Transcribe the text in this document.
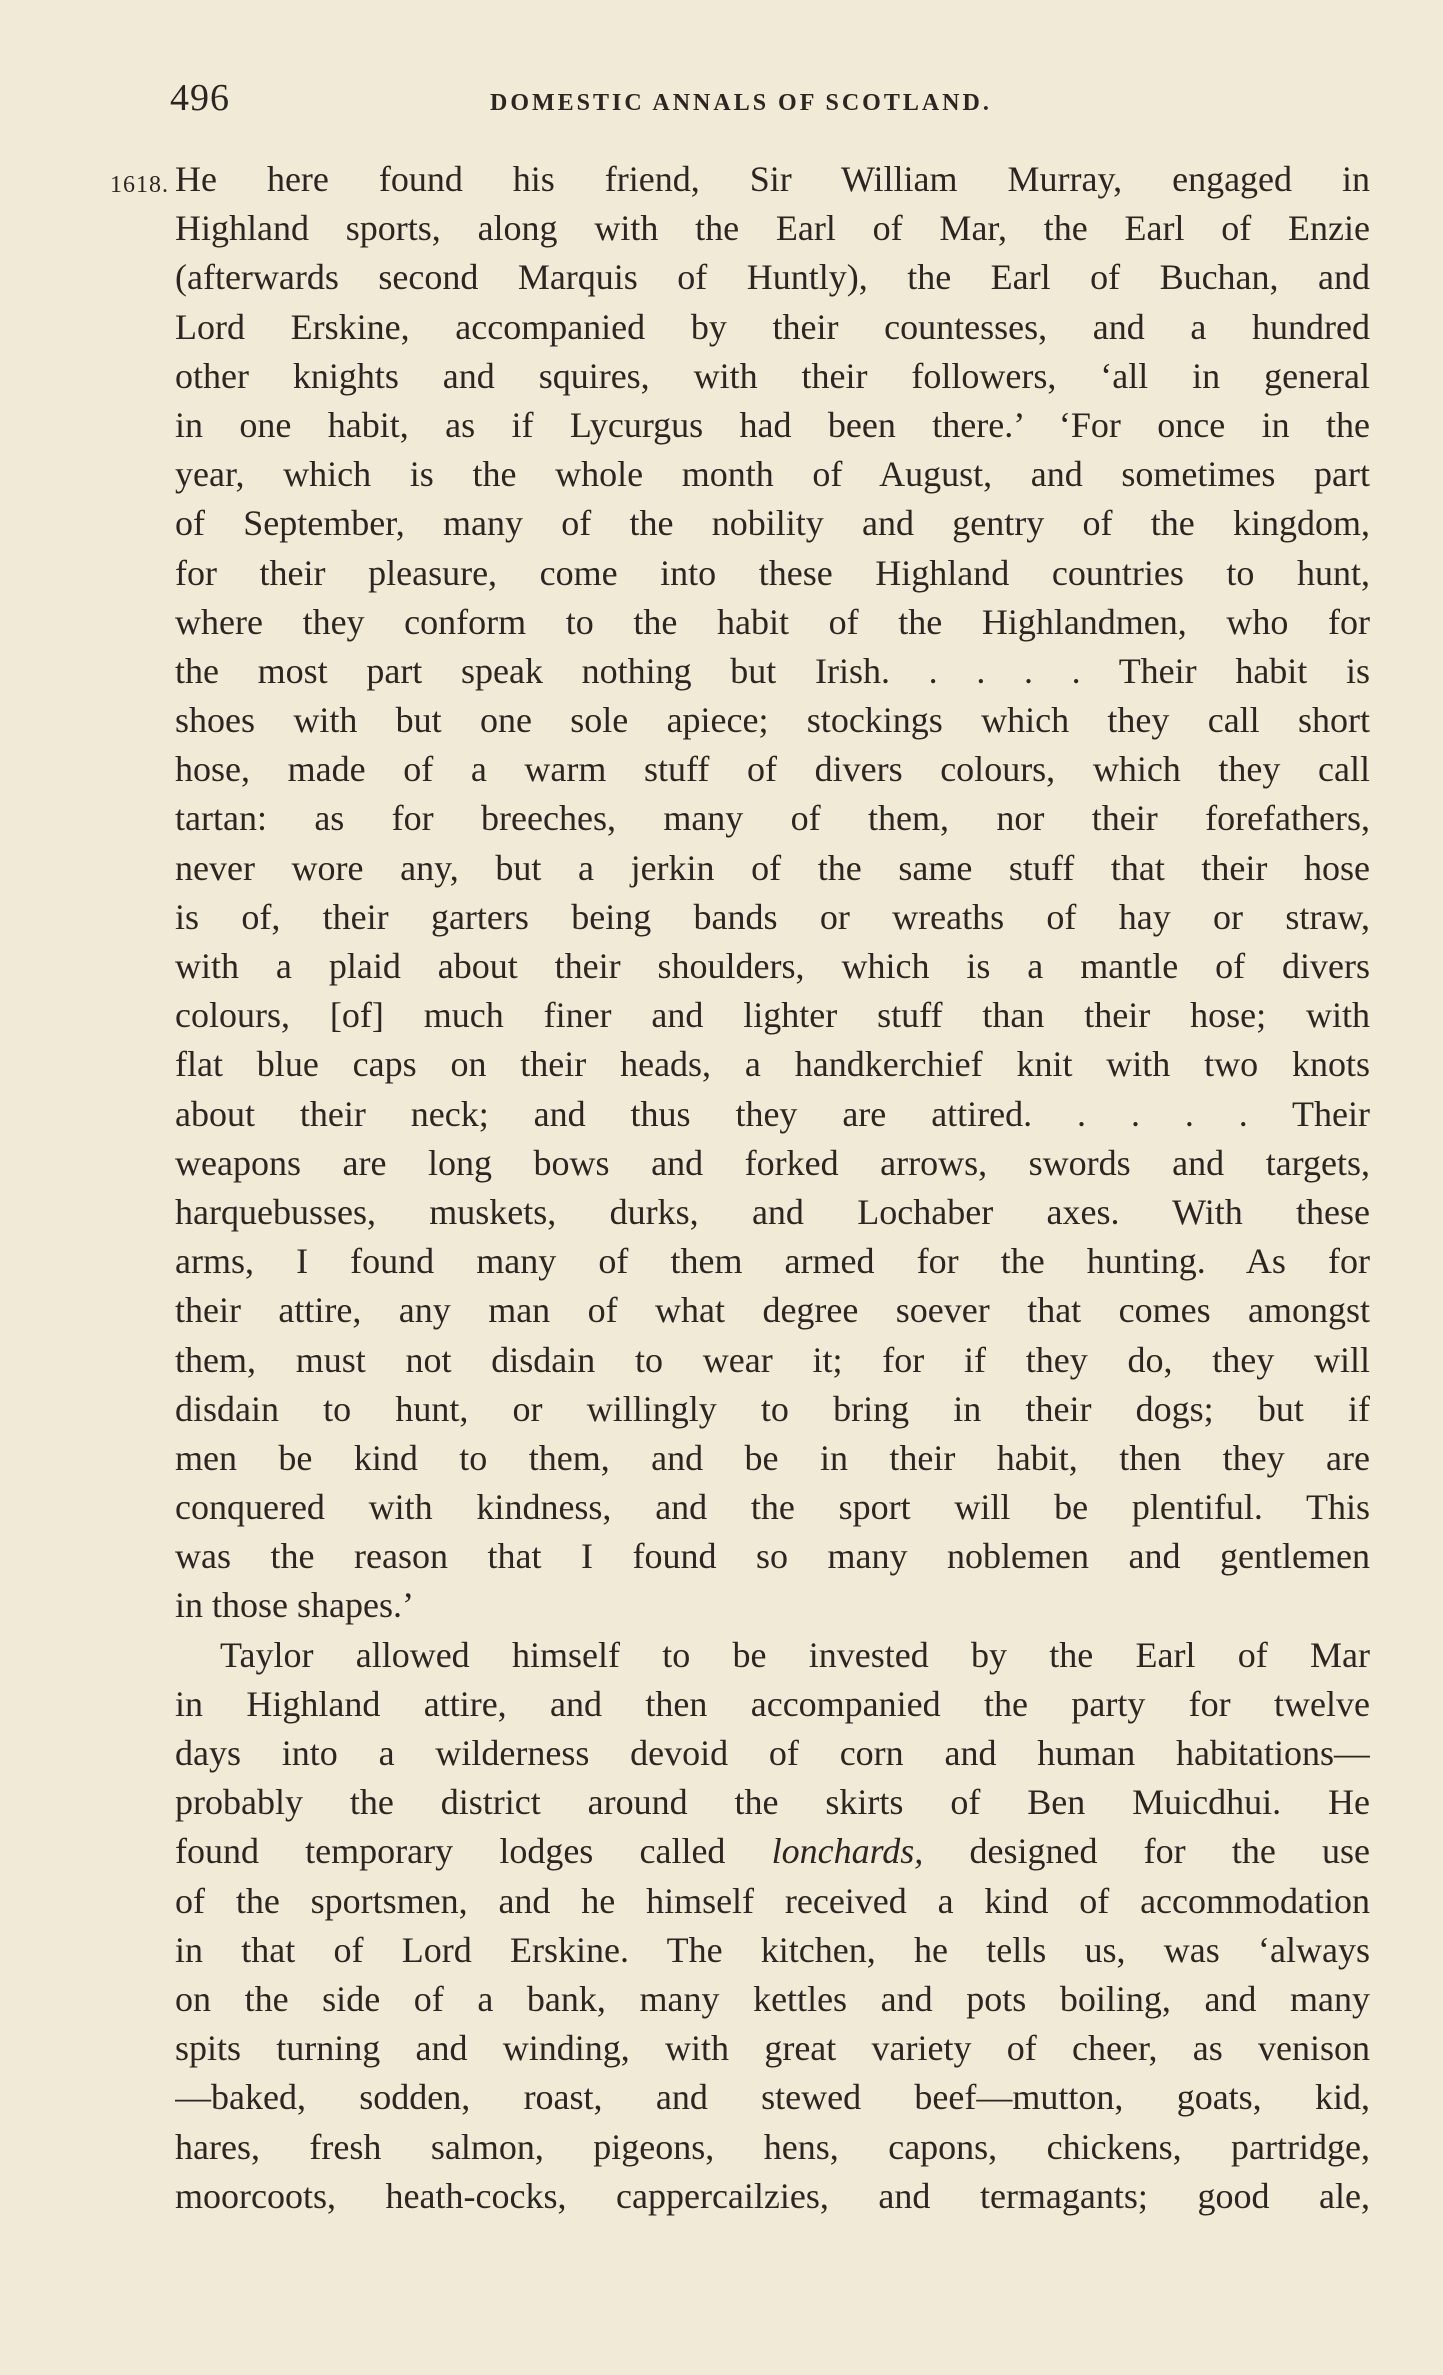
496	DOMESTIC ANNALS OF SCOTLAND.
1618. He here found his friend, Sir William Murray, engaged in
Highland sports, along with the Earl of Mar, the Earl of Enzie
(afterwards second Marquis of Huntly), the Earl of Buchan, and
Lord Erskine, accompanied by their countesses, and a hundred
other knights and squires, with their followers, ‘all in general
in one habit, as if Lycurgus had been there.’ ‘For once in the
year, which is the whole month of August, and sometimes part
of September, many of the nobility and gentry of the kingdom,
for their pleasure, come into these Highland countries to hunt,
where they conform to the habit of the Highlandmen, who for
the most part speak nothing but Irish. . . . . Their habit is
shoes with but one sole apiece; stockings which they call short
hose, made of a warm stuff of divers colours, which they call
tartan: as for breeches, many of them, nor their forefathers,
never wore any, but a jerkin of the same stuff that their hose
is of, their garters being bands or wreaths of hay or straw,
with a plaid about their shoulders, which is a mantle of divers
colours, [of] much finer and lighter stuff than their hose; with
flat blue caps on their heads, a handkerchief knit with two knots
about their neck; and thus they are attired. . . . . Their
weapons are long bows and forked arrows, swords and targets,
harquebusses, muskets, durks, and Lochaber axes. With these
arms, I found many of them armed for the hunting. As for
their attire, any man of what degree soever that comes amongst
them, must not disdain to wear it; for if they do, they will
disdain to hunt, or willingly to bring in their dogs; but if
men be kind to them, and be in their habit, then they are
conquered with kindness, and the sport will be plentiful. This
was the reason that I found so many noblemen and gentlemen
in those shapes.’
Taylor allowed himself to be invested by the Earl of Mar
in Highland attire, and then accompanied the party for twelve
days into a wilderness devoid of corn and human habitations—
probably the district around the skirts of Ben Muicdhui. He
found temporary lodges called lonchards, designed for the use
of the sportsmen, and he himself received a kind of accommodation
in that of Lord Erskine. The kitchen, he tells us, was ‘always
on the side of a bank, many kettles and pots boiling, and many
spits turning and winding, with great variety of cheer, as venison
—baked, sodden, roast, and stewed beef—mutton, goats, kid,
hares, fresh salmon, pigeons, hens, capons, chickens, partridge,
moorcoots, heath-cocks, cappercailzies, and termagants; good ale,
